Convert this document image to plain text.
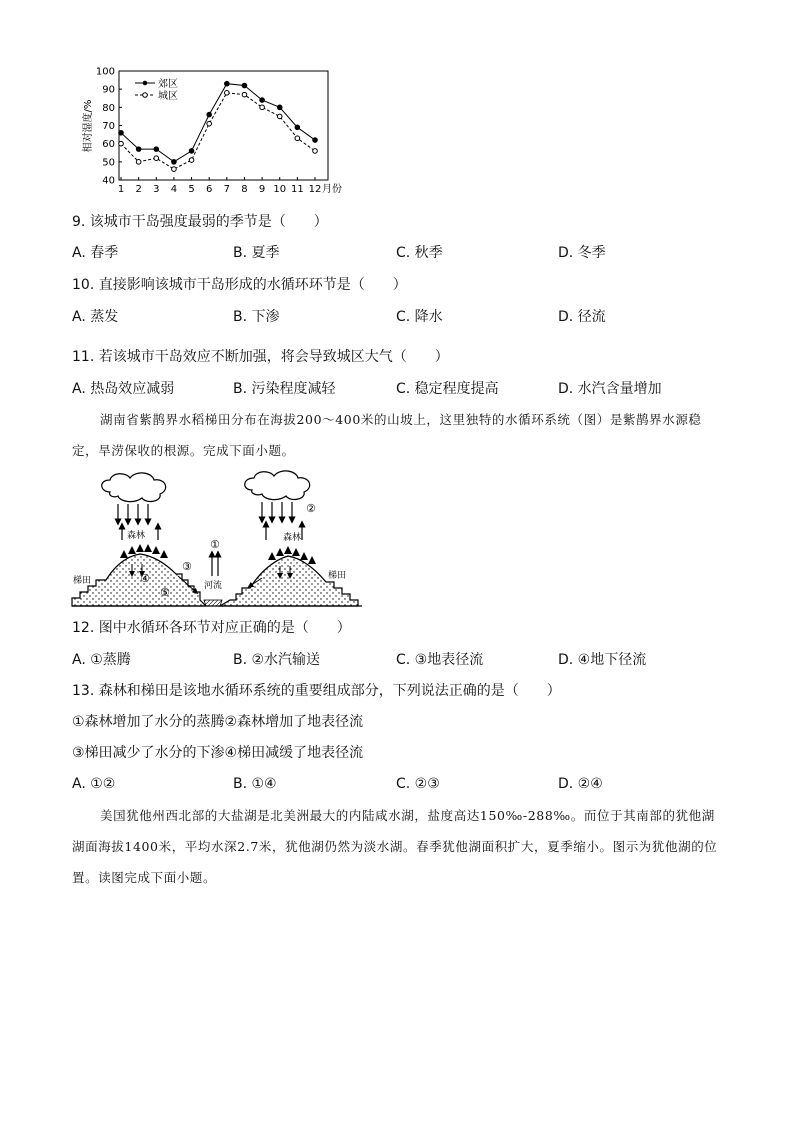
40
50
60
70
80
90
100
1 2 3 4 5 6 7 8 9 10 11 12 月份
相对湿度/%
郊区
城区
9. 该城市干岛强度最弱的季节是（　　）
A. 春季	B. 夏季	C. 秋季	D. 冬季
10. 直接影响该城市干岛形成的水循环环节是（　　）
A. 蒸发	B. 下渗	C. 降水	D. 径流
11. 若该城市干岛效应不断加强，将会导致城区大气（　　）
A. 热岛效应减弱	B. 污染程度减轻	C. 稳定程度提高	D. 水汽含量增加
湖南省紫鹊界水稻梯田分布在海拔200～400米的山坡上，这里独特的水循环系统（图）是紫鹊界水源稳定，旱涝保收的根源。完成下面小题。
森林	森林
梯田	梯田
河流
①
②
③
④
⑤
12. 图中水循环各环节对应正确的是（　　）
A. ①蒸腾	B. ②水汽输送	C. ③地表径流	D. ④地下径流
13. 森林和梯田是该地水循环系统的重要组成部分，下列说法正确的是（　　）
①森林增加了水分的蒸腾②森林增加了地表径流
③梯田减少了水分的下渗④梯田减缓了地表径流
A. ①②	B. ①④	C. ②③	D. ②④
美国犹他州西北部的大盐湖是北美洲最大的内陆咸水湖，盐度高达150‰-288‰。而位于其南部的犹他湖湖面海拔1400米，平均水深2.7米，犹他湖仍然为淡水湖。春季犹他湖面积扩大，夏季缩小。图示为犹他湖的位置。读图完成下面小题。
